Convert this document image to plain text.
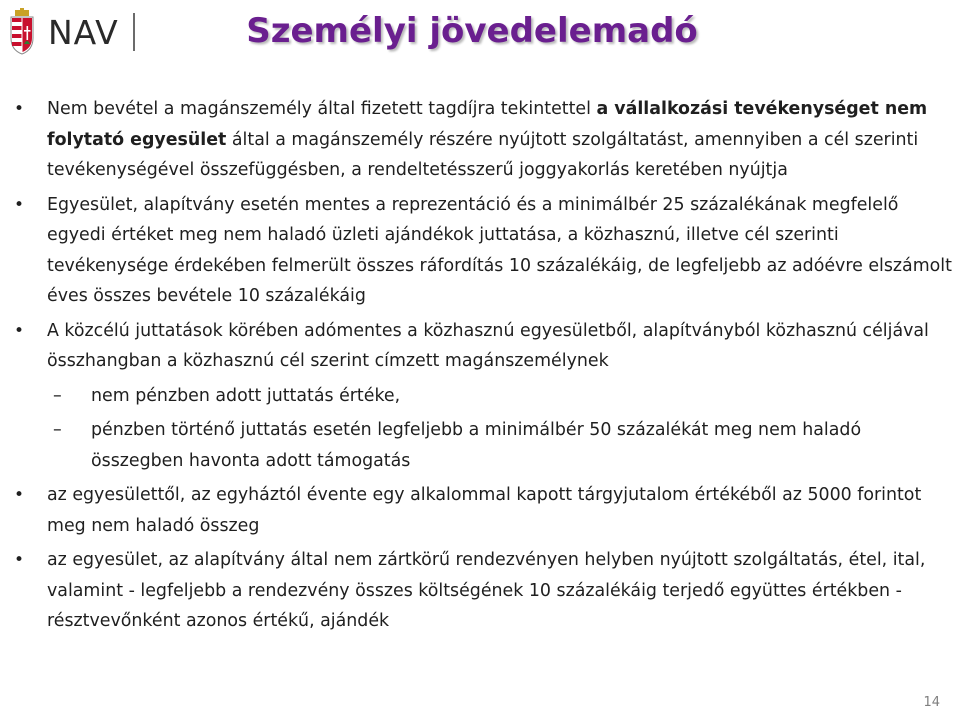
NAV	Személyi jövedelemadó
• Nem bevétel a magánszemély által fizetett tagdíjra tekintettel a vállalkozási tevékenységet nem folytató egyesület által a magánszemély részére nyújtott szolgáltatást, amennyiben a cél szerinti tevékenységével összefüggésben, a rendeltetésszerű joggyakorlás keretében nyújtja
• Egyesület, alapítvány esetén mentes a reprezentáció és a minimálbér 25 százalékának megfelelő egyedi értéket meg nem haladó üzleti ajándékok juttatása, a közhasznú, illetve cél szerinti tevékenysége érdekében felmerült összes ráfordítás 10 százalékáig, de legfeljebb az adóévre elszámolt éves összes bevétele 10 százalékáig
• A közcélú juttatások körében adómentes a közhasznú egyesületből, alapítványból közhasznú céljával összhangban a közhasznú cél szerint címzett magánszemélynek
– nem pénzben adott juttatás értéke,
– pénzben történő juttatás esetén legfeljebb a minimálbér 50 százalékát meg nem haladó összegben havonta adott támogatás
• az egyesülettől, az egyháztól évente egy alkalommal kapott tárgyjutalom értékéből az 5000 forintot meg nem haladó összeg
• az egyesület, az alapítvány által nem zártkörű rendezvényen helyben nyújtott szolgáltatás, étel, ital, valamint - legfeljebb a rendezvény összes költségének 10 százalékáig terjedő együttes értékben - résztvevőnként azonos értékű, ajándék
14
